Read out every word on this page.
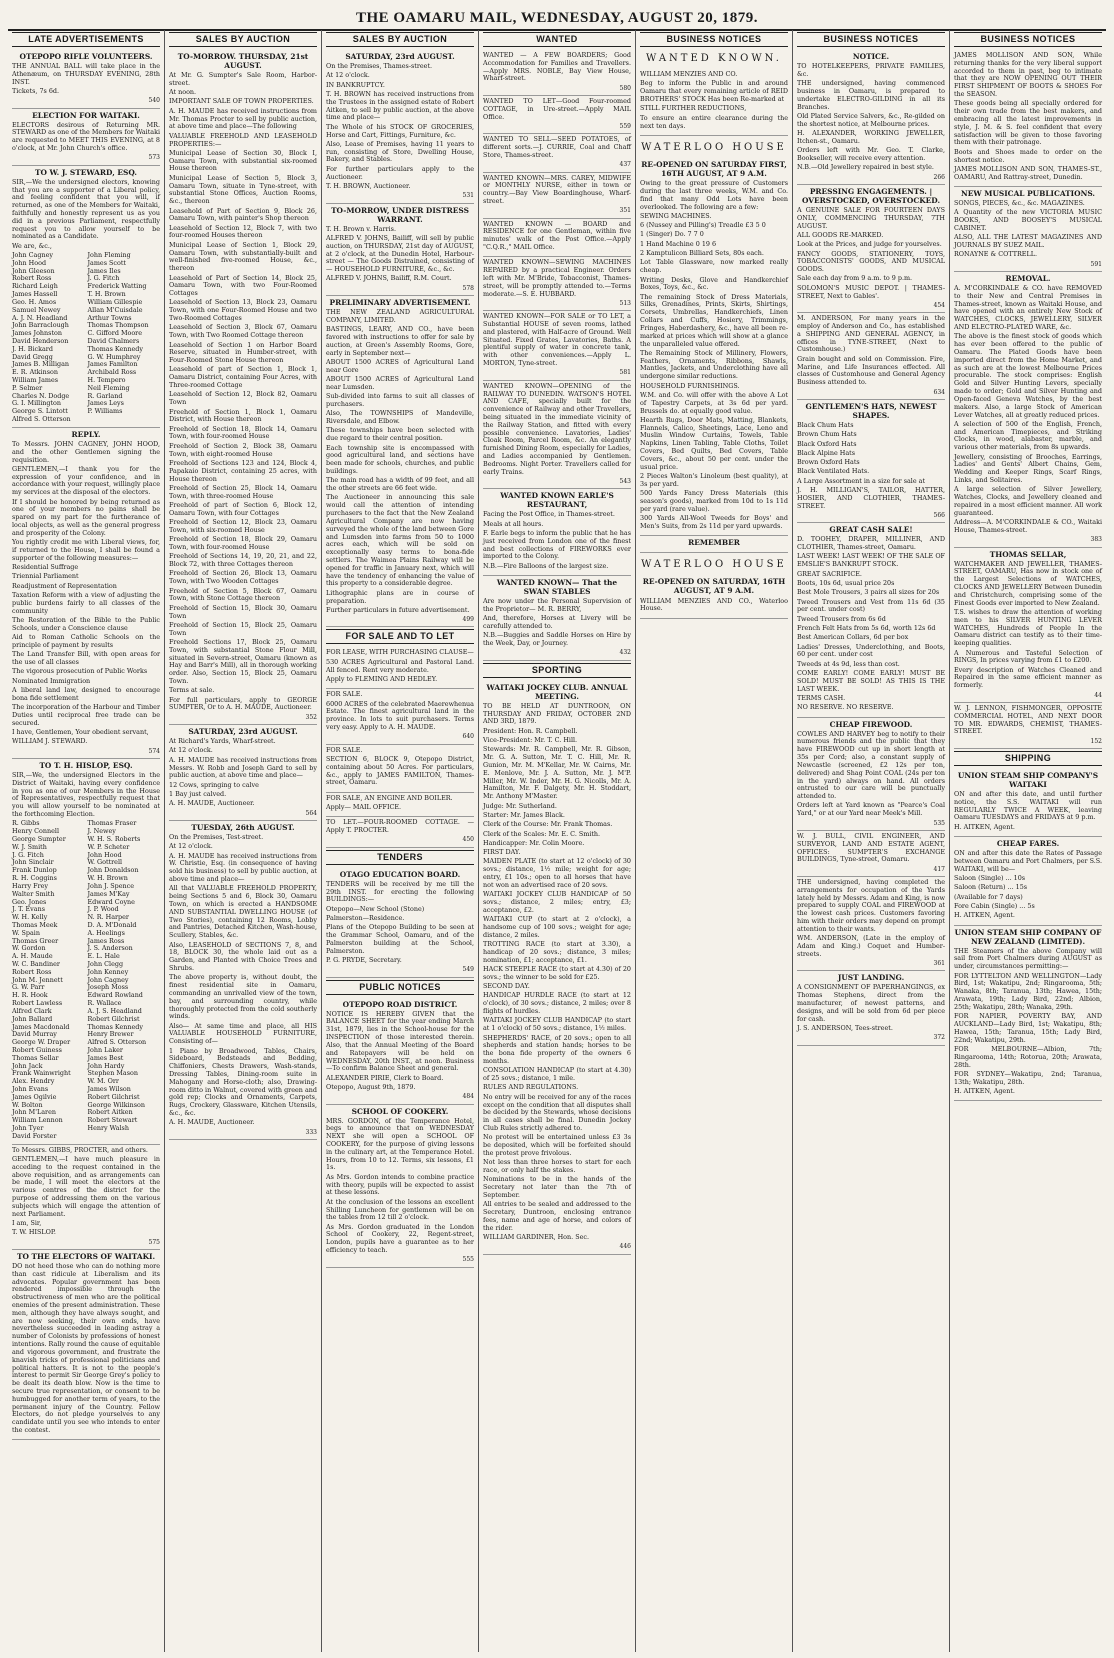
THE OAMARU MAIL, WEDNESDAY, AUGUST 20, 1879.
LATE ADVERTISEMENTS
OTEPOPO RIFLE VOLUNTEERS.

THE ANNUAL BALL will take place in the Athenæum, on THURSDAY EVENING, 28th INST.

Tickets, 7s 6d.

540
ELECTION FOR WAITAKI.

ELECTORS desirous of Returning MR. STEWARD as one of the Members for Waitaki are requested to MEET THIS EVENING, at 8 o'clock, at Mr. John Church's office.

573
TO W. J. STEWARD, ESQ.

SIR,—We the undersigned electors, knowing that you are a supporter of a Liberal policy, and feeling confident that you will, if returned, as one of the Members for Waitaki, faithfully and honestly represent us as you did in a previous Parliament, respectfully request you to allow yourself to be nominated as a Candidate.

We are, &c.,

John Cagney
John Hood
John Gleeson
Robert Ross
Richard Leigh
James Hassell
Geo. H. Amos
Samuel Newey
A. J. N. Headland
John Barraclough
James Johnston
David Henderson
J. H. Bickard
David Gregg
James B. Milligan
E. R. Atkinson
William James
P. Selmer
Charles N. Dodge
G. I. Millington
George S. Lintott
Alfred S. Otterson
John Fleming
James Scott
James Iles
J. G. Fitch
Frederick Watting
T. H. Brown
William Gillespie
Allan M'Cuisdale
Arthur Towns
Thomas Thompson
C. Gifford Moore
David Chalmers
Thomas Kennedy
G. W. Humphrey
James Familton
Archibald Ross
H. Tempero
Neil Fleming
R. Garland
James Leys
P. Williams
REPLY.

To Messrs. JOHN CAGNEY, JOHN HOOD, and the other Gentlemen signing the requisition.

GENTLEMEN,—I thank you for the expression of your confidence, and in accordance with your request, willingly place my services at the disposal of the electors.

If I should be honored by being returned as one of your members no pains shall be spared on my part for the furtherance of local objects, as well as the general progress and prosperity of the Colony.

You rightly credit me with Liberal views, for, if returned to the House, I shall be found a supporter of the following measures:—

Residential Suffrage

Triennial Parliament

Readjustment of Representation

Taxation Reform with a view of adjusting the public burdens fairly to all classes of the community

The Restoration of the Bible to the Public Schools, under a Conscience clause

Aid to Roman Catholic Schools on the principle of payment by results

The Land Transfer Bill, with open areas for the use of all classes

The vigorous prosecution of Public Works

Nominated Immigration

A liberal land law, designed to encourage bona fide settlement

The incorporation of the Harbour and Timber Duties until reciprocal free trade can be secured.

I have, Gentlemen, Your obedient servant,

WILLIAM J. STEWARD.

574
TO T. H. HISLOP, ESQ.

SIR,—We, the undersigned Electors in the District of Waitaki, having every confidence in you as one of our Members in the House of Representatives, respectfully request that you will allow yourself to be nominated at the forthcoming Election.

R. Gibbs
Henry Connell
George Sumpter
W. J. Smith
J. G. Fitch
John Sinclair
Frank Dunlop
R. H. Coggins
Harry Frey
Walter Smith
Geo. Jones
J. T. Evans
W. H. Kelly
Thomas Meek
W. Spain
Thomas Greer
W. Gordon
A. H. Maude
W. C. Bandiner
Robert Ross
John M. Jennett
G. W. Parr
H. R. Hook
Robert Lawless
Alfred Clark
John Ballard
James Macdonald
David Murray
George W. Draper
Robert Guiness
Thomas Sellar
John Jack
Frank Wainwright
Alex. Hendry
John Evans
James Ogilvie
W. Bolton
John M'Laren
William Lennon
John Tyer
David Forster
Thomas Fraser
J. Newey
W. H. S. Roberts
W. P. Scheter
John Hood
W. Gottrell
John Donaldson
W. H. Brown
John J. Spence
James M'Kay
Edward Coyne
J. P. Wood
N. R. Harper
D. A. M'Donald
A. Heelings
James Ross
J. S. Anderson
E. L. Hale
John Clegg
John Kenney
John Cagney
Joseph Moss
Edward Rowland
R. Wallace
A. J. S. Headland
Robert Gilchrist
Thomas Kennedy
Henry Brewer
Alfred S. Otterson
John Laker
James Best
John Hardy
Stephen Mason
W. M. Orr
James Wilson
Robert Gilchrist
George Wilkinson
Robert Aitken
Robert Stewart
Henry Walsh

To Messrs. GIBBS, PROCTER, and others.

GENTLEMEN,—I have much pleasure in acceding to the request contained in the above requisition, and as arrangements can be made, I will meet the electors at the various centres of the district for the purpose of addressing them on the various subjects which will engage the attention of next Parliament.

I am, Sir,

T. W. HISLOP.

575
TO THE ELECTORS OF WAITAKI.

DO not heed those who can do nothing more than cast ridicule at Liberalism and its advocates. Popular government has been rendered impossible through the obstructiveness of men who are the political enemies of the present administration. These men, although they have always sought, and are now seeking, their own ends, have nevertheless succeeded in leading astray a number of Colonists by professions of honest intentions. Rally round the cause of equitable and vigorous government, and frustrate the knavish tricks of professional politicians and political hatters. It is not to the people's interest to permit Sir George Grey's policy to be dealt its death blow. Now is the time to secure true representation, or consent to be humbugged for another term of years, to the permanent injury of the Country. Fellow Electors, do not pledge yourselves to any candidate until you see who intends to enter the contest.

SALES BY AUCTION
TO-MORROW. THURSDAY, 21st AUGUST.

At Mr. G. Sumpter's Sale Room, Harbor-street.

At noon.

IMPORTANT SALE OF TOWN PROPERTIES.

A. H. MAUDE has received instructions from Mr. Thomas Procter to sell by public auction, at above time and place—The following

VALUABLE FREEHOLD AND LEASEHOLD PROPERTIES:—

Municipal Lease of Section 30, Block I, Oamaru Town, with substantial six-roomed House thereon

Municipal Lease of Section 5, Block 3, Oamaru Town, situate in Tyne-street, with substantial Stone Offices, Auction Rooms, &c., thereon

Leasehold of Part of Section 9, Block 26, Oamaru Town, with painter's Shop thereon

Leasehold of Section 12, Block 7, with two four-roomed Houses thereon

Municipal Lease of Section 1, Block 29, Oamaru Town, with substantially-built and well-finished five-roomed House, &c., thereon

Leasehold of Part of Section 14, Block 25, Oamaru Town, with two Four-Roomed Cottages

Leasehold of Section 13, Block 23, Oamaru Town, with one Four-Roomed House and two Two-Roomed Cottages

Leasehold of Section 3, Block 67, Oamaru Town, with Two Roomed Cottage thereon

Leasehold of Section 1 on Harbor Board Reserve, situated in Humber-street, with Four-Roomed Stone House thereon

Leasehold of part of Section 1, Block 1, Oamaru District, containing Four Acres, with Three-roomed Cottage

Leasehold of Section 12, Block 82, Oamaru Town

Freehold of Section 1, Block 1, Oamaru District, with House thereon

Freehold of Section 18, Block 14, Oamaru Town, with four-roomed House

Freehold of Section 2, Block 38, Oamaru Town, with eight-roomed House

Freehold of Sections 123 and 124, Block 4, Papakaio District, containing 25 acres, with House thereon

Freehold of Section 25, Block 14, Oamaru Town, with three-roomed House

Freehold of part of Section 6, Block 12, Oamaru Town, with four Cottages

Freehold of Section 12, Block 23, Oamaru Town, with six-roomed House

Freehold of Section 18, Block 29, Oamaru Town, with four-roomed House

Freehold of Sections 14, 19, 20, 21, and 22, Block 72, with three Cottages thereon

Freehold of Section 26, Block 13, Oamaru Town, with Two Wooden Cottages

Freehold of Section 5, Block 67, Oamaru Town, with Stone Cottage thereon

Freehold of Section 15, Block 30, Oamaru Town

Freehold of Section 15, Block 25, Oamaru Town

Freehold Sections 17, Block 25, Oamaru Town, with substantial Stone Flour Mill, situated in Severn-street, Oamaru (known as Hay and Barr's Mill), all in thorough working order. Also, Section 15, Block 25, Oamaru Town.

Terms at sale.

For full particulars, apply to GEORGE SUMPTER, Or to A. H. MAUDE, Auctioneer.

352
SATURDAY, 23rd AUGUST.

At Richard's Yards, Wharf-street.

At 12 o'clock.

A. H. MAUDE has received instructions from Messrs. W. Robb and Joseph Gard to sell by public auction, at above time and place—

12 Cows, springing to calve

1 Bay just calved.

A. H. MAUDE, Auctioneer.

564
TUESDAY, 26th AUGUST.

On the Premises, Test-street.

At 12 o'clock.

A. H. MAUDE has received instructions from W. Christie, Esq. (in consequence of having sold his business) to sell by public auction, at above time and place—

All that VALUABLE FREEHOLD PROPERTY, being Sections 5 and 6, Block 30, Oamaru Town, on which is erected a HANDSOME AND SUBSTANTIAL DWELLING HOUSE (of Two Stories), containing 12 Rooms, Lobby and Pantries, Detached Kitchen, Wash-house, Scullery, Stables, &c.

Also, LEASEHOLD of SECTIONS 7, 8, and 18, BLOCK 30, the whole laid out as a Garden, and Planted with Choice Trees and Shrubs.

The above property is, without doubt, the finest residential site in Oamaru, commanding an unrivalled view of the town, bay, and surrounding country, while thoroughly protected from the cold southerly winds.

Also— At same time and place, all HIS VALUABLE HOUSEHOLD FURNITURE, Consisting of—

1 Piano by Broadwood, Tables, Chairs, Sideboard, Bedsteads and Bedding, Chiffoniers, Chests Drawers, Wash-stands, Dressing Tables, Dining-room suite in Mahogany and Horse-cloth; also, Drawing-room ditto in Walnut, covered with green and gold rep; Clocks and Ornaments, Carpets, Rugs, Crockery, Glassware, Kitchen Utensils, &c., &c.

A. H. MAUDE, Auctioneer.

333
SALES BY AUCTION
SATURDAY, 23rd AUGUST.

On the Premises, Thames-street.

At 12 o'clock.

IN BANKRUPTCY.

T. H. BROWN has received instructions from the Trustees in the assigned estate of Robert Aitken, to sell by public auction, at the above time and place—

The Whole of his STOCK OF GROCERIES, Horse and Cart, Fittings, Furniture, &c.

Also, Lease of Premises, having 11 years to run, consisting of Store, Dwelling House, Bakery, and Stables.

For further particulars apply to the Auctioneer.

T. H. BROWN, Auctioneer.

531
TO-MORROW, UNDER DISTRESS WARRANT.

T. H. Brown v. Harris.

ALFRED V. JOHNS, Bailiff, will sell by public auction, on THURSDAY, 21st day of AUGUST, at 2 o'clock, at the Dunedin Hotel, Harbour-street — The Goods Distrained, consisting of— HOUSEHOLD FURNITURE, &c., &c.

ALFRED V. JOHNS, Bailiff, R.M. Court.

578
PRELIMINARY ADVERTISEMENT.

THE NEW ZEALAND AGRICULTURAL COMPANY, LIMITED.

BASTINGS, LEARY, AND CO., have been favored with instructions to offer for sale by auction, at Green's Assembly Rooms, Gore, early in September next—

ABOUT 1500 ACRES of Agricultural Land near Gore

ABOUT 1500 ACRES of Agricultural Land near Lumsden.

Sub-divided into farms to suit all classes of purchasers.

Also, The TOWNSHIPS of Mandeville, Riversdale, and Elbow.

These townships have been selected with due regard to their central position.

Each township site is encompassed with good agricultural land, and sections have been made for schools, churches, and public buildings.

The main road has a width of 99 feet, and all the other streets are 66 feet wide.

The Auctioneer in announcing this sale would call the attention of intending purchasers to the fact that the New Zealand Agricultural Company are now having surveyed the whole of the land between Gore and Lumsden into farms from 50 to 1000 acres each, which will be sold on exceptionally easy terms to bona-fide settlers. The Waimea Plains Railway will be opened for traffic in January next, which will have the tendency of enhancing the value of this property to a considerable degree.

Lithographic plans are in course of preparation.

Further particulars in future advertisement.

499
FOR SALE AND TO LET

FOR LEASE, WITH PURCHASING CLAUSE—

530 ACRES Agricultural and Pastoral Land. All fenced. Rent very moderate.

Apply to FLEMING AND HEDLEY.

FOR SALE.

6000 ACRES of the celebrated Maerewhenua Estate. The finest agricultural land in the province. In lots to suit purchasers. Terms very easy. Apply to A. H. MAUDE.

640

FOR SALE.

SECTION 6, BLOCK 9, Otepopo District, containing about 50 Acres. For particulars, &c., apply to JAMES FAMILTON, Thames-street, Oamaru.

FOR SALE, AN ENGINE AND BOILER.

Apply— MAIL OFFICE.

TO LET.—FOUR-ROOMED COTTAGE. —Apply T. PROCTER.

450
TENDERS
OTAGO EDUCATION BOARD.

TENDERS will be received by me till the 29th INST. for erecting the following BUILDINGS:—

Otepopo—New School (Stone)

Palmerston—Residence.

Plans of the Otepopo Building to be seen at the Grammar School, Oamaru, and of the Palmerston building at the School, Palmerston.

P. G. PRYDE, Secretary.

549
PUBLIC NOTICES
OTEPOPO ROAD DISTRICT.

NOTICE IS HEREBY GIVEN that the BALANCE SHEET for the year ending March 31st, 1879, lies in the School-house for the INSPECTION of those interested therein. Also, that the Annual Meeting of the Board and Ratepayers will be held on WEDNESDAY, 20th INST., at noon. Business—To confirm Balance Sheet and general.

ALEXANDER PIRIE, Clerk to Board.

Otepopo, August 9th, 1879.

484
SCHOOL OF COOKERY.

MRS. GORDON, of the Temperance Hotel, begs to announce that on WEDNESDAY NEXT she will open a SCHOOL OF COOKERY, for the purpose of giving lessons in the culinary art, at the Temperance Hotel. Hours, from 10 to 12. Terms, six lessons, £1 1s.

As Mrs. Gordon intends to combine practice with theory, pupils will be expected to assist at these lessons.

At the conclusion of the lessons an excellent Shilling Luncheon for gentlemen will be on the tables from 12 till 2 o'clock.

As Mrs. Gordon graduated in the London School of Cookery, 22, Regent-street, London, pupils have a guarantee as to her efficiency to teach.

555
WANTED

WANTED — A FEW BOARDERS; Good Accommodation for Families and Travellers.—Apply MRS. NOBLE, Bay View House, Wharf-street.

580

WANTED TO LET—Good Four-roomed COTTAGE, in Ure-street.—Apply MAIL Office.

559

WANTED TO SELL—SEED POTATOES, of different sorts.—J. CURRIE, Coal and Chaff Store, Thames-street.

437

WANTED KNOWN—MRS. CAREY, MIDWIFE or MONTHLY NURSE, either in town or country.—Bay View Boardinghouse, Wharf-street.

351

WANTED KNOWN — BOARD and RESIDENCE for one Gentleman, within five minutes' walk of the Post Office.—Apply "C.Q.R.," MAIL Office.

WANTED KNOWN—SEWING MACHINES REPAIRED by a practical Engineer. Orders left with Mr. M'Bride, Tobacconist, Thames-street, will be promptly attended to.—Terms moderate.—S. E. HUBBARD.

513

WANTED KNOWN—FOR SALE or TO LET, a Substantial HOUSE of seven rooms, lathed and plastered, with Half-acre of Ground. Well Situated. Fixed Grates, Lavatories, Baths. A plentiful supply of water in concrete tank, with other conveniences.—Apply L. MORTON, Tyne-street.

581

WANTED KNOWN—OPENING of the RAILWAY TO DUNEDIN. WATSON'S HOTEL AND CAFE, specially built for the convenience of Railway and other Travellers, being situated in the immediate vicinity of the Railway Station, and fitted with every possible convenience. Lavatories, Ladies' Cloak Room, Parcel Room, &c. An elegantly furnished Dining Room, especially for Ladies, and Ladies accompanied by Gentlemen. Bedrooms. Night Porter. Travellers called for early Trains.

543
WANTED KNOWN EARLE'S RESTAURANT,

Facing the Post Office, in Thames-street.

Meals at all hours.

F. Earle begs to inform the public that he has just received from London one of the finest and best collections of FIREWORKS ever imported to the Colony.

N.B.—Fire Balloons of the largest size.

WANTED KNOWN— That the SWAN STABLES

Are now under the Personal Supervision of the Proprietor— M. R. BERRY,

And, therefore, Horses at Livery will be carefully attended to.

N.B.—Buggies and Saddle Horses on Hire by the Week, Day, or Journey.

432
SPORTING
WAITAKI JOCKEY CLUB. ANNUAL MEETING.

TO BE HELD AT DUNTROON, ON THURSDAY AND FRIDAY, OCTOBER 2ND AND 3RD, 1879.

President: Hon. R. Campbell.

Vice-President: Mr. T. C. Hill.

Stewards: Mr. R. Campbell, Mr. R. Gibson, Mr. G. A. Sutton, Mr. T. C. Hill, Mr. R. Gunion, Mr. M. M'Kellar, Mr. W. Cairns, Mr. E. Menlove, Mr. J. A. Sutton, Mr. J. M'P. Miller, Mr. W. Inder, Mr. H. G. Nicolls, Mr. A. Hamilton, Mr. F. Dalgety, Mr. H. Stoddart, Mr. Anthony M'Master.

Judge: Mr. Sutherland.

Starter: Mr. James Black.

Clerk of the Course: Mr. Frank Thomas.

Clerk of the Scales: Mr. E. C. Smith.

Handicapper: Mr. Colin Moore.

FIRST DAY.

MAIDEN PLATE (to start at 12 o'clock) of 30 sovs.; distance, 1½ mile; weight for age; entry, £1 10s.; open to all horses that have not won an advertised race of 20 sovs.

WAITAKI JOCKEY CLUB HANDICAP of 50 sovs.; distance, 2 miles; entry, £3; acceptance, £2.

WAITAKI CUP (to start at 2 o'clock), a handsome cup of 100 sovs.; weight for age; distance, 2 miles.

TROTTING RACE (to start at 3.30), a handicap of 20 sovs.; distance, 3 miles; nomination, £1; acceptance, £1.

HACK STEEPLE RACE (to start at 4.30) of 20 sovs.; the winner to be sold for £25.

SECOND DAY.

HANDICAP HURDLE RACE (to start at 12 o'clock), of 30 sovs.; distance, 2 miles; over 8 flights of hurdles.

WAITAKI JOCKEY CLUB HANDICAP (to start at 1 o'clock) of 50 sovs.; distance, 1½ miles.

SHEPHERDS' RACE, of 20 sovs.; open to all shepherds and station hands; horses to be the bona fide property of the owners 6 months.

CONSOLATION HANDICAP (to start at 4.30) of 25 sovs.; distance, 1 mile.

RULES AND REGULATIONS.

No entry will be received for any of the races except on the condition that all disputes shall be decided by the Stewards, whose decisions in all cases shall be final. Dunedin Jockey Club Rules strictly adhered to.

No protest will be entertained unless £3 3s be deposited, which will be forfeited should the protest prove frivolous.

Not less than three horses to start for each race, or only half the stakes.

Nominations to be in the hands of the Secretary not later than the 7th of September.

All entries to be sealed and addressed to the Secretary, Duntroon, enclosing entrance fees, name and age of horse, and colors of the rider.

WILLIAM GARDINER, Hon. Sec.

446
BUSINESS NOTICES
WANTED KNOWN.

WILLIAM MENZIES AND CO.

Beg to inform the Public in and around Oamaru that every remaining article of REID BROTHERS' STOCK Has been Re-marked at

STILL FURTHER REDUCTIONS,

To ensure an entire clearance during the next ten days.

WATERLOO HOUSE
RE-OPENED ON SATURDAY FIRST, 16TH AUGUST, AT 9 A.M.

Owing to the great pressure of Customers during the last three weeks, W.M. and Co. find that many Odd Lots have been overlooked. The following are a few:

SEWING MACHINES.

6 (Nussey and Pilling's) Treadle £3 5 0

1 (Singer) Do. 7 7 0

1 Hand Machine 0 19 6

2 Kamptulicon Billiard Sets, 80s each.

Lot Table Glassware, now marked really cheap.

Writing Desks, Glove and Handkerchief Boxes, Toys, &c., &c.

The remaining Stock of Dress Materials, Silks, Grenadines, Prints, Skirts, Shirtings, Corsets, Umbrellas, Handkerchiefs, Linen Collars and Cuffs, Hosiery, Trimmings, Fringes, Haberdashery, &c., have all been re-marked at prices which will show at a glance the unparalleled value offered.

The Remaining Stock of Millinery, Flowers, Feathers, Ornaments, Ribbons, Shawls, Mantles, Jackets, and Underclothing have all undergone similar reductions.

HOUSEHOLD FURNISHINGS.

W.M. and Co. will offer with the above A Lot of Tapestry Carpets, at 3s 6d per yard. Brussels do. at equally good value.

Hearth Rugs, Door Mats, Matting, Blankets, Flannels, Calico, Sheetings, Lace, Leno and Muslin Window Curtains, Towels, Table Napkins, Linen Tabling, Table Cloths, Toilet Covers, Bed Quilts, Bed Covers, Table Covers, &c., about 50 per cent. under the usual price.

2 Pieces Walton's Linoleum (best quality), at 3s per yard.

500 Yards Fancy Dress Materials (this season's goods), marked from 10d to 1s 11d per yard (rare value).

300 Yards All-Wool Tweeds for Boys' and Men's Suits, from 2s 11d per yard upwards.

REMEMBER
WATERLOO HOUSE
RE-OPENED ON SATURDAY, 16TH AUGUST, AT 9 A.M.

WILLIAM MENZIES AND CO., Waterloo House.

BUSINESS NOTICES
NOTICE.

TO HOTELKEEPERS, PRIVATE FAMILIES, &c.

THE undersigned, having commenced business in Oamaru, is prepared to undertake ELECTRO-GILDING in all its Branches.

Old Plated Service Salvers, &c., Re-gilded on the shortest notice, at Melbourne prices.

H. ALEXANDER, WORKING JEWELLER, Itchen-st., Oamaru.

Orders left with Mr. Geo. T. Clarke, Bookseller, will receive every attention.

N.B.—Old Jewellery repaired in best style.

266
PRESSING ENGAGEMENTS. | OVERSTOCKED, OVERSTOCKED.

A GENUINE SALE FOR FOURTEEN DAYS ONLY, COMMENCING THURSDAY, 7TH AUGUST.

ALL GOODS RE-MARKED.

Look at the Prices, and judge for yourselves.

FANCY GOODS, STATIONERY, TOYS, TOBACCONISTS' GOODS, AND MUSICAL GOODS.

Sale each day from 9 a.m. to 9 p.m.

SOLOMON'S MUSIC DEPOT. | THAMES-STREET, Next to Gables'.

454

M. ANDERSON, For many years in the employ of Anderson and Co., has established a SHIPPING AND GENERAL AGENCY, in offices in TYNE-STREET, (Next to Customhouse.)

Grain bought and sold on Commission. Fire, Marine, and Life Insurances effected. All classes of Customhouse and General Agency Business attended to.

634
GENTLEMEN'S HATS, NEWEST SHAPES.

Black Chum Hats

Brown Chum Hats

Black Oxford Hats

Black Alpine Hats

Brown Oxford Hats

Black Ventilated Hats.

A Large Assortment in a size for sale at

J. H. MILLIGAN'S, TAILOR, HATTER, HOSIER, AND CLOTHIER, THAMES-STREET.

566
GREAT CASH SALE!

D. TOOHEY, DRAPER, MILLINER, AND CLOTHIER, Thames-street, Oamaru.

LAST WEEK! LAST WEEK! OF THE SALE OF EMSLIE'S BANKRUPT STOCK.

GREAT SACRIFICE.

Boots, 10s 6d, usual price 20s

Best Mole Trousers, 3 pairs all sizes for 20s

Tweed Trousers and Vest from 11s 6d (35 per cent. under cost)

Tweed Trousers from 6s 6d

French Felt Hats from 5s 6d, worth 12s 6d

Best American Collars, 6d per box

Ladies' Dresses, Underclothing, and Boots, 60 per cent. under cost

Tweeds at 4s 9d, less than cost.

COME EARLY! COME EARLY! MUST BE SOLD! MUST BE SOLD! AS THIS IS THE LAST WEEK.

TERMS CASH.

NO RESERVE. NO RESERVE.

CHEAP FIREWOOD.

COWLES AND HARVEY beg to notify to their numerous friends and the public that they have FIREWOOD cut up in short length at 35s per Cord; also, a constant supply of Newcastle (screened, £2 12s per ton, delivered) and Shag Point COAL (24s per ton in the yard) always on hand. All orders entrusted to our care will be punctually attended to.

Orders left at Yard known as "Pearce's Coal Yard," or at our Yard near Meek's Mill.

535

W. J. BULL, CIVIL ENGINEER, AND SURVEYOR, LAND AND ESTATE AGENT, OFFICES: SUMPTER'S EXCHANGE BUILDINGS, Tyne-street, Oamaru.

417

THE undersigned, having completed the arrangements for occupation of the Yards lately held by Messrs. Adam and King, is now prepared to supply COAL and FIREWOOD at the lowest cash prices. Customers favoring him with their orders may depend on prompt attention to their wants.

WM. ANDERSON, (Late in the employ of Adam and King.) Coquet and Humber-streets.

361
JUST LANDING.

A CONSIGNMENT OF PAPERHANGINGS, ex Thomas Stephens, direct from the manufacturer, of newest patterns, and designs, and will be sold from 6d per piece for cash.

J. S. ANDERSON, Tees-street.

372
BUSINESS NOTICES

JAMES MOLLISON AND SON, While returning thanks for the very liberal support accorded to them in past, beg to intimate that they are NOW OPENING OUT THEIR FIRST SHIPMENT OF BOOTS & SHOES For the SEASON.

These goods being all specially ordered for their own trade from the best makers, and embracing all the latest improvements in style, J. M. & S. feel confident that every satisfaction will be given to those favoring them with their patronage.

Boots and Shoes made to order on the shortest notice.

JAMES MOLLISON AND SON, THAMES-ST., OAMARU, And Rattray-street, Dunedin.

NEW MUSICAL PUBLICATIONS.

SONGS, PIECES, &c., &c. MAGAZINES.

A Quantity of the new VICTORIA MUSIC BOOKS, AND BOOSEY'S MUSICAL CABINET.

ALSO, ALL THE LATEST MAGAZINES AND JOURNALS BY SUEZ MAIL.

RONAYNE & COTTRELL.

591
REMOVAL.

A. M'CORKINDALE & CO. have REMOVED to their New and Central Premises in Thames-street, known as Waitaki House, and have opened with an entirely New Stock of WATCHES, CLOCKS, JEWELLERY, SILVER AND ELECTRO-PLATED WARE, &c.

The above is the finest stock of goods which has ever been offered to the public of Oamaru. The Plated Goods have been imported direct from the Home Market, and as such are at the lowest Melbourne Prices procurable. The stock comprises: English Gold and Silver Hunting Levers, specially made to order; Gold and Silver Hunting and Open-faced Geneva Watches, by the best makers. Also, a large Stock of American Lever Watches, all at greatly reduced prices.

A selection of 500 of the English, French, and American Timepieces, and Striking Clocks, in wood, alabaster, marble, and various other materials, from 8s upwards.

Jewellery, consisting of Brooches, Earrings, Ladies' and Gents' Albert Chains, Gem, Wedding and Keeper Rings, Scarf Rings, Links, and Solitaires.

A large selection of Silver Jewellery, Watches, Clocks, and Jewellery cleaned and repaired in a most efficient manner. All work guaranteed.

Address—A. M'CORKINDALE & CO., Waitaki House, Thames-street.

383
THOMAS SELLAR,

WATCHMAKER AND JEWELLER, THAMES-STREET, OAMARU, Has now in stock one of the Largest Selections of WATCHES, CLOCKS AND JEWELLERY Between Dunedin and Christchurch, comprising some of the Finest Goods ever imported to New Zealand.

T.S. wishes to draw the attention of working men to his SILVER HUNTING LEVER WATCHES, Hundreds of People In the Oamaru district can testify as to their time-keeping qualities.

A Numerous and Tasteful Selection of RINGS, In prices varying from £1 to £200.

Every description of Watches Cleaned and Repaired in the same efficient manner as formerly.

44

W. J. LENNON, FISHMONGER, OPPOSITE COMMERCIAL HOTEL, AND NEXT DOOR TO MR. EDWARDS, CHEMIST, THAMES-STREET.

152
SHIPPING
UNION STEAM SHIP COMPANY'S WAITAKI

ON and after this date, and until further notice, the S.S. WAITAKI will run REGULARLY TWICE A WEEK, leaving Oamaru TUESDAYS and FRIDAYS at 9 p.m.

H. AITKEN, Agent.

CHEAP FARES.

ON and after this date the Rates of Passage between Oamaru and Port Chalmers, per S.S. WAITAKI, will be—

Saloon (Single) ... 10s

Saloon (Return) ... 15s

(Available for 7 days)

Fore Cabin (Single) ... 5s

H. AITKEN, Agent.

UNION STEAM SHIP COMPANY OF NEW ZEALAND (LIMITED).

THE Steamers of the above Company will sail from Port Chalmers during AUGUST as under, circumstances permitting:—

FOR LYTTELTON AND WELLINGTON—Lady Bird, 1st; Wakatipu, 2nd; Ringarooma, 5th; Wanaka, 8th; Taranua, 13th; Hawea, 15th; Arawata, 19th; Lady Bird, 22nd; Albion, 25th; Wakatipu, 28th; Wanaka, 29th.

FOR NAPIER, POVERTY BAY, AND AUCKLAND—Lady Bird, 1st; Wakatipu, 8th; Hawea, 15th; Taranua, 15th; Lady Bird, 22nd; Wakatipu, 29th.

FOR MELBOURNE—Albion, 7th; Ringarooma, 14th; Rotorua, 20th; Arawata, 28th.

FOR SYDNEY—Wakatipu, 2nd; Taranua, 13th; Wakatipu, 28th.

H. AITKEN, Agent.
